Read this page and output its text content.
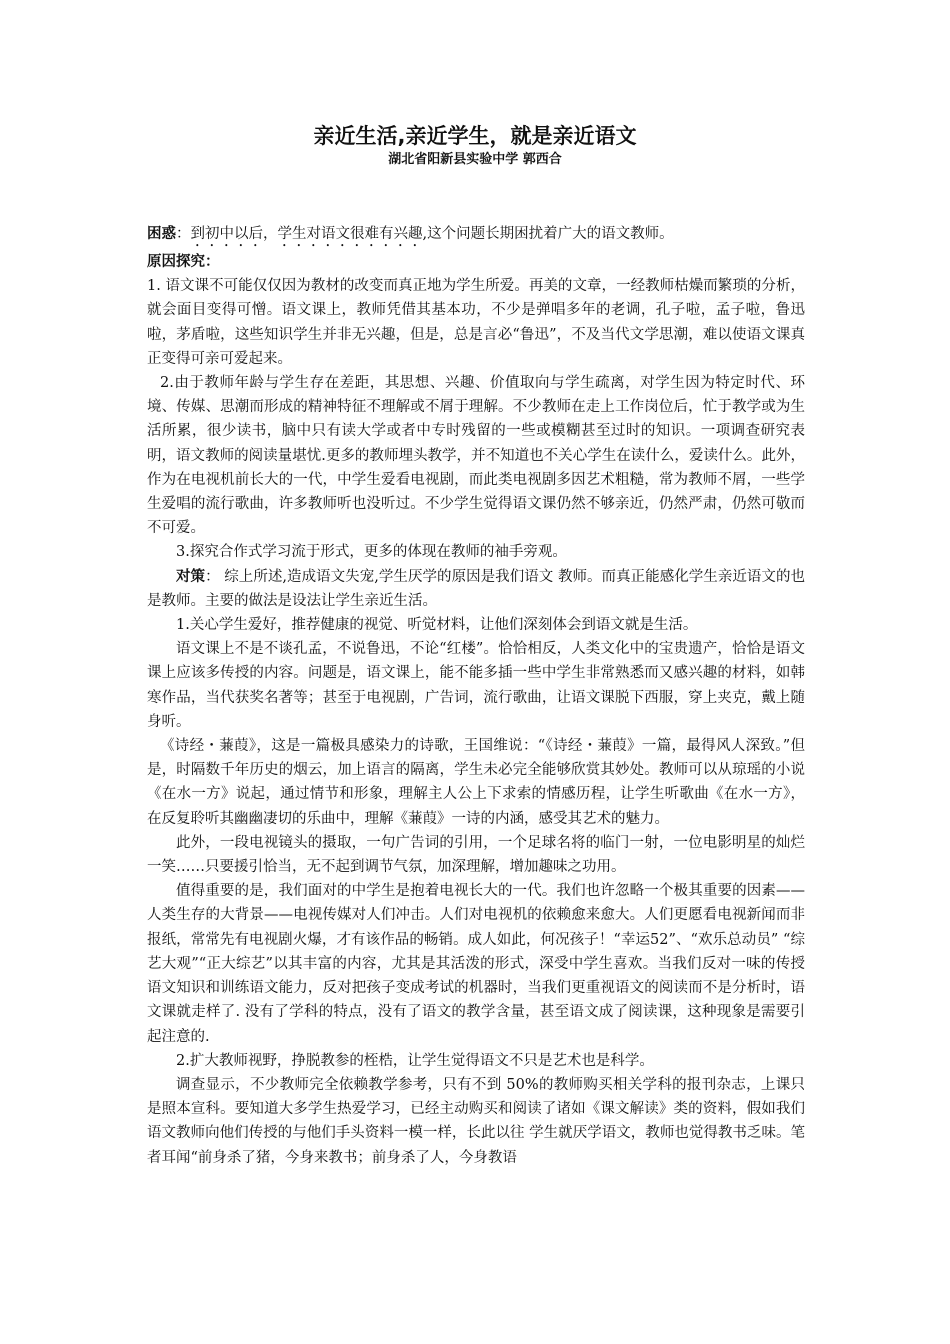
亲近生活,亲近学生，就是亲近语文
湖北省阳新县实验中学 郭西合

困惑：到初中以后，学生对语文很难有兴趣,这个问题长期困扰着广大的语文教师。

原因探究：

1. 语文课不可能仅仅因为教材的改变而真正地为学生所爱。再美的文章，一经教师枯燥而繁琐的分析，就会面目变得可憎。语文课上，教师凭借其基本功，不少是弹唱多年的老调，孔子啦，孟子啦，鲁迅啦，茅盾啦，这些知识学生并非无兴趣，但是，总是言必“鲁迅”，不及当代文学思潮，难以使语文课真正变得可亲可爱起来。

2.由于教师年龄与学生存在差距，其思想、兴趣、价值取向与学生疏离，对学生因为特定时代、环境、传媒、思潮而形成的精神特征不理解或不屑于理解。不少教师在走上工作岗位后，忙于教学或为生活所累，很少读书，脑中只有读大学或者中专时残留的一些或模糊甚至过时的知识。一项调查研究表明，语文教师的阅读量堪忧.更多的教师埋头教学，并不知道也不关心学生在读什么，爱读什么。此外，作为在电视机前长大的一代，中学生爱看电视剧，而此类电视剧多因艺术粗糙，常为教师不屑，一些学生爱唱的流行歌曲，许多教师听也没听过。不少学生觉得语文课仍然不够亲近，仍然严肃，仍然可敬而不可爱。

3.探究合作式学习流于形式，更多的体现在教师的袖手旁观。

对策： 综上所述,造成语文失宠,学生厌学的原因是我们语文 教师。而真正能感化学生亲近语文的也是教师。主要的做法是设法让学生亲近生活。

1.关心学生爱好，推荐健康的视觉、听觉材料，让他们深刻体会到语文就是生活。

语文课上不是不谈孔孟，不说鲁迅，不论“红楼”。恰恰相反，人类文化中的宝贵遗产，恰恰是语文课上应该多传授的内容。问题是，语文课上，能不能多插一些中学生非常熟悉而又感兴趣的材料，如韩寒作品，当代获奖名著等；甚至于电视剧，广告词，流行歌曲，让语文课脱下西服，穿上夹克，戴上随身听。

《诗经・蒹葭》，这是一篇极具感染力的诗歌，王国维说：“《诗经・蒹葭》一篇，最得风人深致。”但是，时隔数千年历史的烟云，加上语言的隔离，学生未必完全能够欣赏其妙处。教师可以从琼瑶的小说《在水一方》说起，通过情节和形象，理解主人公上下求索的情感历程，让学生听歌曲《在水一方》，在反复聆听其幽幽凄切的乐曲中，理解《蒹葭》一诗的内涵，感受其艺术的魅力。

此外，一段电视镜头的摄取，一句广告词的引用，一个足球名将的临门一射，一位电影明星的灿烂一笑……只要援引恰当，无不起到调节气氛，加深理解，增加趣味之功用。

值得重要的是，我们面对的中学生是抱着电视长大的一代。我们也许忽略一个极其重要的因素——人类生存的大背景——电视传媒对人们冲击。人们对电视机的依赖愈来愈大。人们更愿看电视新闻而非报纸，常常先有电视剧火爆，才有该作品的畅销。成人如此，何况孩子！“幸运52”、“欢乐总动员” “综艺大观”“正大综艺”以其丰富的内容，尤其是其活泼的形式，深受中学生喜欢。当我们反对一味的传授语文知识和训练语文能力，反对把孩子变成考试的机器时，当我们更重视语文的阅读而不是分析时，语文课就走样了. 没有了学科的特点，没有了语文的教学含量，甚至语文成了阅读课，这种现象是需要引起注意的.

2.扩大教师视野，挣脱教参的桎梏，让学生觉得语文不只是艺术也是科学。

调查显示，不少教师完全依赖教学参考，只有不到 50%的教师购买相关学科的报刊杂志，上课只是照本宣科。要知道大多学生热爱学习，已经主动购买和阅读了诸如《课文解读》类的资料，假如我们语文教师向他们传授的与他们手头资料一模一样，长此以往 学生就厌学语文，教师也觉得教书乏味。笔者耳闻“前身杀了猪，今身来教书；前身杀了人，今身教语
